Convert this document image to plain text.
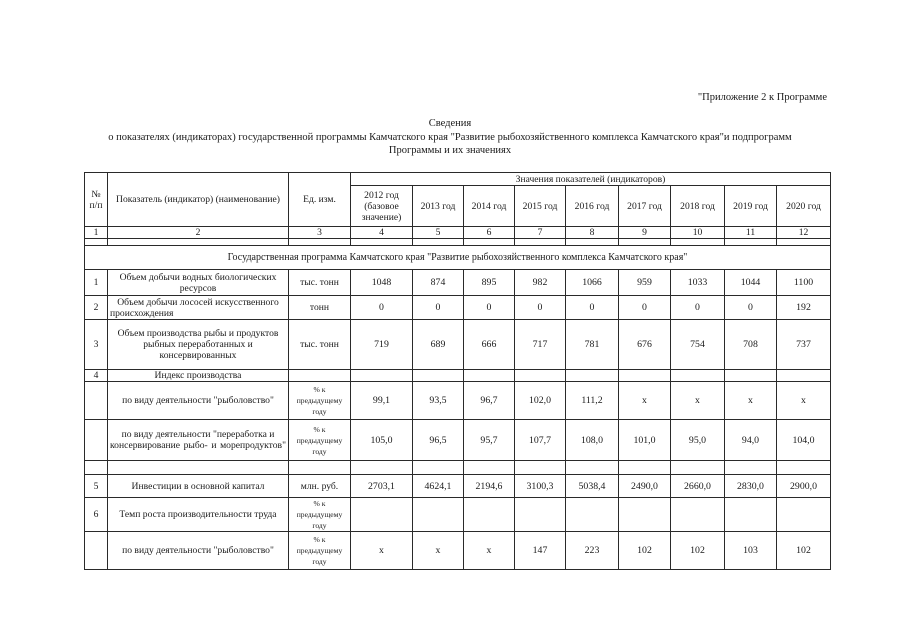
"Приложение 2 к Программе
Сведения
о показателях (индикаторах) государственной программы Камчатского края "Развитие рыбохозяйственного комплекса Камчатского края"и подпрограмм
Программы и их значениях
№ п/п	Показатель (индикатор) (наименование)	Ед. изм.	Значения показателей (индикаторов)								
			2012 год (базовое значение)	2013 год	2014 год	2015 год	2016 год	2017 год	2018 год	2019 год	2020 год
1	2	3	4	5	6	7	8	9	10	11	12

Государственная программа Камчатского края "Развитие рыбохозяйственного комплекса Камчатского края"											
1	Объем добычи водных биологических ресурсов	тыс. тонн	1048	874	895	982	1066	959	1033	1044	1100
2	Объем добычи лососей искусственного происхождения	тонн	0	0	0	0	0	0	0	0	192
3	Объем производства рыбы и продуктов рыбных переработанных и консервированных	тыс. тонн	719	689	666	717	781	676	754	708	737
4	Индекс производства										
	по виду деятельности "рыболовство"	% к предыдущему году	99,1	93,5	96,7	102,0	111,2	х	х	х	х
	по виду деятельности "переработка и консервирование рыбо- и морепродуктов"	% к предыдущему году	105,0	96,5	95,7	107,7	108,0	101,0	95,0	94,0	104,0

5	Инвестиции в основной капитал	млн. руб.	2703,1	4624,1	2194,6	3100,3	5038,4	2490,0	2660,0	2830,0	2900,0
6	Темп роста производительности труда	% к предыдущему году									
	по виду деятельности "рыболовство"	% к предыдущему году	х	х	х	147	223	102	102	103	102
